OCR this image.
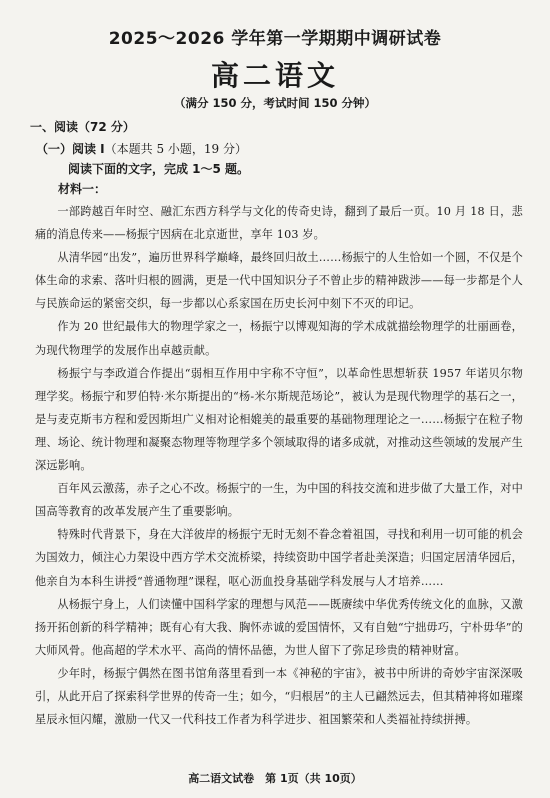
2025～2026 学年第一学期期中调研试卷
高二语文
（满分 150 分，考试时间 150 分钟）
一、阅读（72 分）
（一）阅读 I（本题共 5 小题，19 分）
阅读下面的文字，完成 1～5 题。
材料一：

一部跨越百年时空、融汇东西方科学与文化的传奇史诗，翻到了最后一页。10 月 18 日，悲痛的消息传来——杨振宁因病在北京逝世，享年 103 岁。

从清华园“出发”，遍历世界科学巅峰，最终回归故土……杨振宁的人生恰如一个圆，不仅是个体生命的求索、落叶归根的圆满，更是一代中国知识分子不曾止步的精神跋涉——每一步都是个人与民族命运的紧密交织，每一步都以心系家国在历史长河中刻下不灭的印记。

作为 20 世纪最伟大的物理学家之一，杨振宁以博观知海的学术成就描绘物理学的壮丽画卷，为现代物理学的发展作出卓越贡献。

杨振宁与李政道合作提出“弱相互作用中宇称不守恒”，以革命性思想斩获 1957 年诺贝尔物理学奖。杨振宁和罗伯特·米尔斯提出的“杨-米尔斯规范场论”，被认为是现代物理学的基石之一，是与麦克斯韦方程和爱因斯坦广义相对论相媲美的最重要的基础物理理论之一……杨振宁在粒子物理、场论、统计物理和凝聚态物理等物理学多个领域取得的诸多成就，对推动这些领域的发展产生深远影响。

百年风云激荡，赤子之心不改。杨振宁的一生，为中国的科技交流和进步做了大量工作，对中国高等教育的改革发展产生了重要影响。

特殊时代背景下，身在大洋彼岸的杨振宁无时无刻不眷念着祖国，寻找和利用一切可能的机会为国效力，倾注心力架设中西方学术交流桥梁，持续资助中国学者赴美深造；归国定居清华园后，他亲自为本科生讲授“普通物理”课程，呕心沥血投身基础学科发展与人才培养……

从杨振宁身上，人们读懂中国科学家的理想与风范——既赓续中华优秀传统文化的血脉，又激扬开拓创新的科学精神；既有心有大我、胸怀赤诚的爱国情怀，又有自勉“宁拙毋巧，宁朴毋华”的大师风骨。他高超的学术水平、高尚的情怀品德，为世人留下了弥足珍贵的精神财富。

少年时，杨振宁偶然在图书馆角落里看到一本《神秘的宇宙》，被书中所讲的奇妙宇宙深深吸引，从此开启了探索科学世界的传奇一生；如今，“归根居”的主人已翩然远去，但其精神将如璀璨星辰永恒闪耀，激励一代又一代科技工作者为科学进步、祖国繁荣和人类福祉持续拼搏。

高二语文试卷　第 1页（共 10页）
